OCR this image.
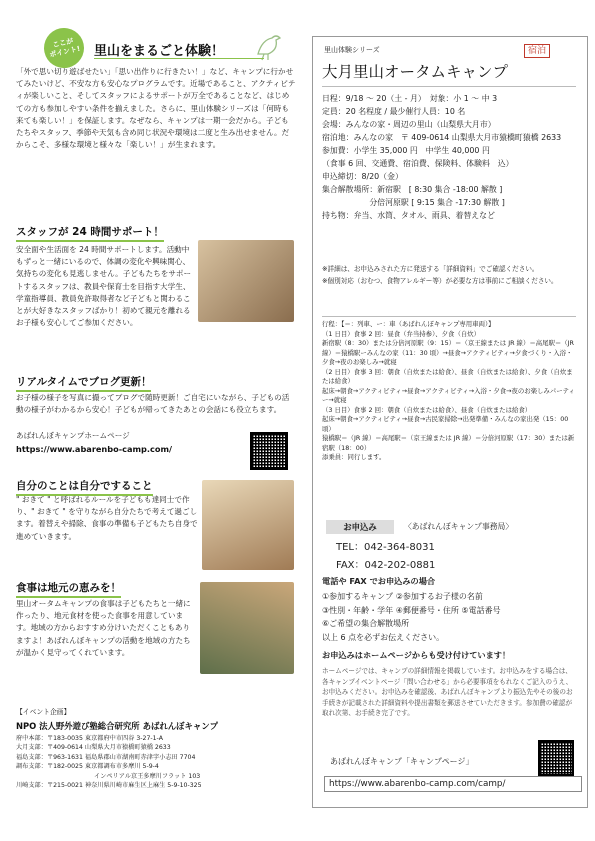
ここが
ポイント!	里山をまるごと体験！
「外で思い切り遊ばせたい」「思い出作りに行きたい！」など、キャンプに行かせてみたいけど、不安な方も安心なプログラムです。近場であること、アクティビティが楽しいこと、そしてスタッフによるサポートが万全であることなど、はじめての方も参加しやすい条件を揃えました。さらに、里山体験シリーズは「何時も来ても楽しい！」を保証します。なぜなら、キャンプは一期一会だから。子どもたちやスタッフ、季節や天気も含め同じ状況や環境は二度と生み出せません。だからこそ、多様な環境と様々な「楽しい！」が生まれます。
スタッフが 24 時間サポート！
安全面や生活面を 24 時間サポートします。活動中もずっと一緒にいるので、体調の変化や興味関心、気持ちの変化も見逃しません。子どもたちをサポートするスタッフは、教員や保育士を目指す大学生、学童指導員、教員免許取得者など子どもと関わることが大好きなスタッフばかり！初めて親元を離れるお子様も安心してご参加ください。
リアルタイムでブログ更新！
お子様の様子を写真に撮ってブログで随時更新！ご自宅にいながら、子どもの活動の様子がわかるから安心！子どもが帰ってきたあとの会話にも役立ちます。
あばれんぼキャンプホームページ
https://www.abarenbo-camp.com/
自分のことは自分ですること
" おきて " と呼ばれるルールを子どもも達同士で作り、" おきて " を守りながら自分たちで考えて過ごします。着替えや掃除、食事の準備も子どもたち自身で進めていきます。
食事は地元の恵みを！
里山オータムキャンプの食事は子どもたちと一緒に作ったり、地元食材を使った食事を用意しています。地域の方からおすすめ分けいただくこともありますよ！あばれんぼキャンプの活動を地域の方たちが温かく見守ってくれています。
【イベント企画】
NPO 法人野外遊び塾総合研究所 あばれんぼキャンプ
府中本部：〒183-0035 東京都府中市四谷 3-27-1-A
大月支部：〒409-0614 山梨県大月市猿橋町猿橋 2633
福島支部：〒963-1631 福島県郡山市湖南町赤津字小志田 7704
調布支部：〒182-0025 東京都調布市多摩川 5-9-4
インペリアル京王多摩川フラット 103
川崎支部：〒215-0021 神奈川県川崎市麻生区上麻生 5-9-10-325
里山体験シリーズ	宿泊
大月里山オータムキャンプ
日程：9/18 〜 20（土 - 月）　対象：小 1 〜 中 3
定員：20 名程度 / 最少催行人員：10 名
会場：みんなの家・周辺の里山（山梨県大月市）
宿泊地：みんなの家　〒 409-0614 山梨県大月市猿橋町猿橋 2633
参加費：小学生 35,000 円　中学生 40,000 円
（食事 6 回、交通費、宿泊費、保険料、体験料　込）
申込締切：8/20（金）
集合解散場所：新宿駅　[ 8:30 集合 -18:00 解散 ]
　　　　　　分倍河原駅 [ 9:15 集合 -17:30 解散 ]
持ち物：弁当、水筒、タオル、雨具、着替えなど
※詳細は、お申込みされた方に発送する「詳細資料」でご確認ください。
※個別対応（おむつ、食物アレルギー等）が必要な方は事前にご相談ください。
行程：【＝：列車、ー：車（あばれんぼキャンプ専用車両）】
（1 日目）食事 2 回：昼食（弁当持参）、夕食（自炊）
新宿駅（8：30）または分倍河原駅（9：15）＝（京王線または JR 線）＝高尾駅＝（JR 線）＝猿橋駅ーみんなの家（11：30 頃）→昼食→アクティビティ→夕食づくり・入浴・夕食→夜のお楽しみ→就寝
（2 日目）食事 3 回：朝食（自炊または給食）、昼食（自炊または給食）、夕食（自炊または給食）
起床→朝食→アクティビティ→昼食→アクティビティ→入浴・夕食→夜のお楽しみパーティー→就寝
（3 日目）食事 2 回：朝食（自炊または給食）、昼食（自炊または給食）
起床→朝食→アクティビティ→昼食→古民家掃除→出発準備・みんなの家出発（15：00 頃）
猿橋駅＝（JR 線）＝高尾駅＝（京王線または JR 線）＝分倍河原駅（17：30）または新宿駅（18：00）
添乗員：同行します。
お申込み	〈あばれんぼキャンプ事務局〉
TEL：042-364-8031
FAX：042-202-0881
電話や FAX でお申込みの場合
①参加するキャンプ ②参加するお子様の名前
③性別・年齢・学年 ④郵便番号・住所 ⑤電話番号
⑥ご希望の集合解散場所
以上 6 点を必ずお伝えください。
お申込みはホームページからも受け付けています！
ホームページでは、キャンプの詳細情報を掲載しています。お申込みをする場合は、各キャンプイベントページ「問い合わせる」から必要事項をもれなくご記入のうえ、お申込みください。お申込みを確認後、あばれんぼキャンプより振込先やその後のお手続きが記載された詳細資料や提出書類を郵送させていただきます。参加費の確認が取れ次第、お手続き完了です。
あばれんぼキャンプ「キャンプページ」
https://www.abarenbo-camp.com/camp/
